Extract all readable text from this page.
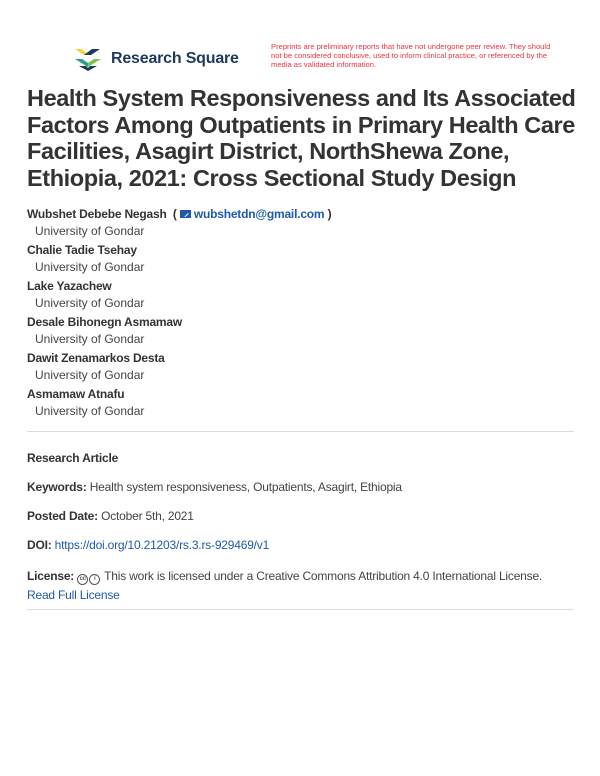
Research Square
Preprints are preliminary reports that have not undergone peer review. They should not be considered conclusive, used to inform clinical practice, or referenced by the media as validated information.
Health System Responsiveness and Its Associated Factors Among Outpatients in Primary Health Care Facilities, Asagirt District, NorthShewa Zone, Ethiopia, 2021: Cross Sectional Study Design
Wubshet Debebe Negash  ( wubshetdn@gmail.com )
University of Gondar
Chalie Tadie Tsehay
University of Gondar
Lake Yazachew
University of Gondar
Desale Bihonegn Asmamaw
University of Gondar
Dawit Zenamarkos Desta
University of Gondar
Asmamaw Atnafu
University of Gondar
Research Article
Keywords: Health system responsiveness, Outpatients, Asagirt, Ethiopia
Posted Date: October 5th, 2021
DOI: https://doi.org/10.21203/rs.3.rs-929469/v1
License: cc i This work is licensed under a Creative Commons Attribution 4.0 International License.
Read Full License
